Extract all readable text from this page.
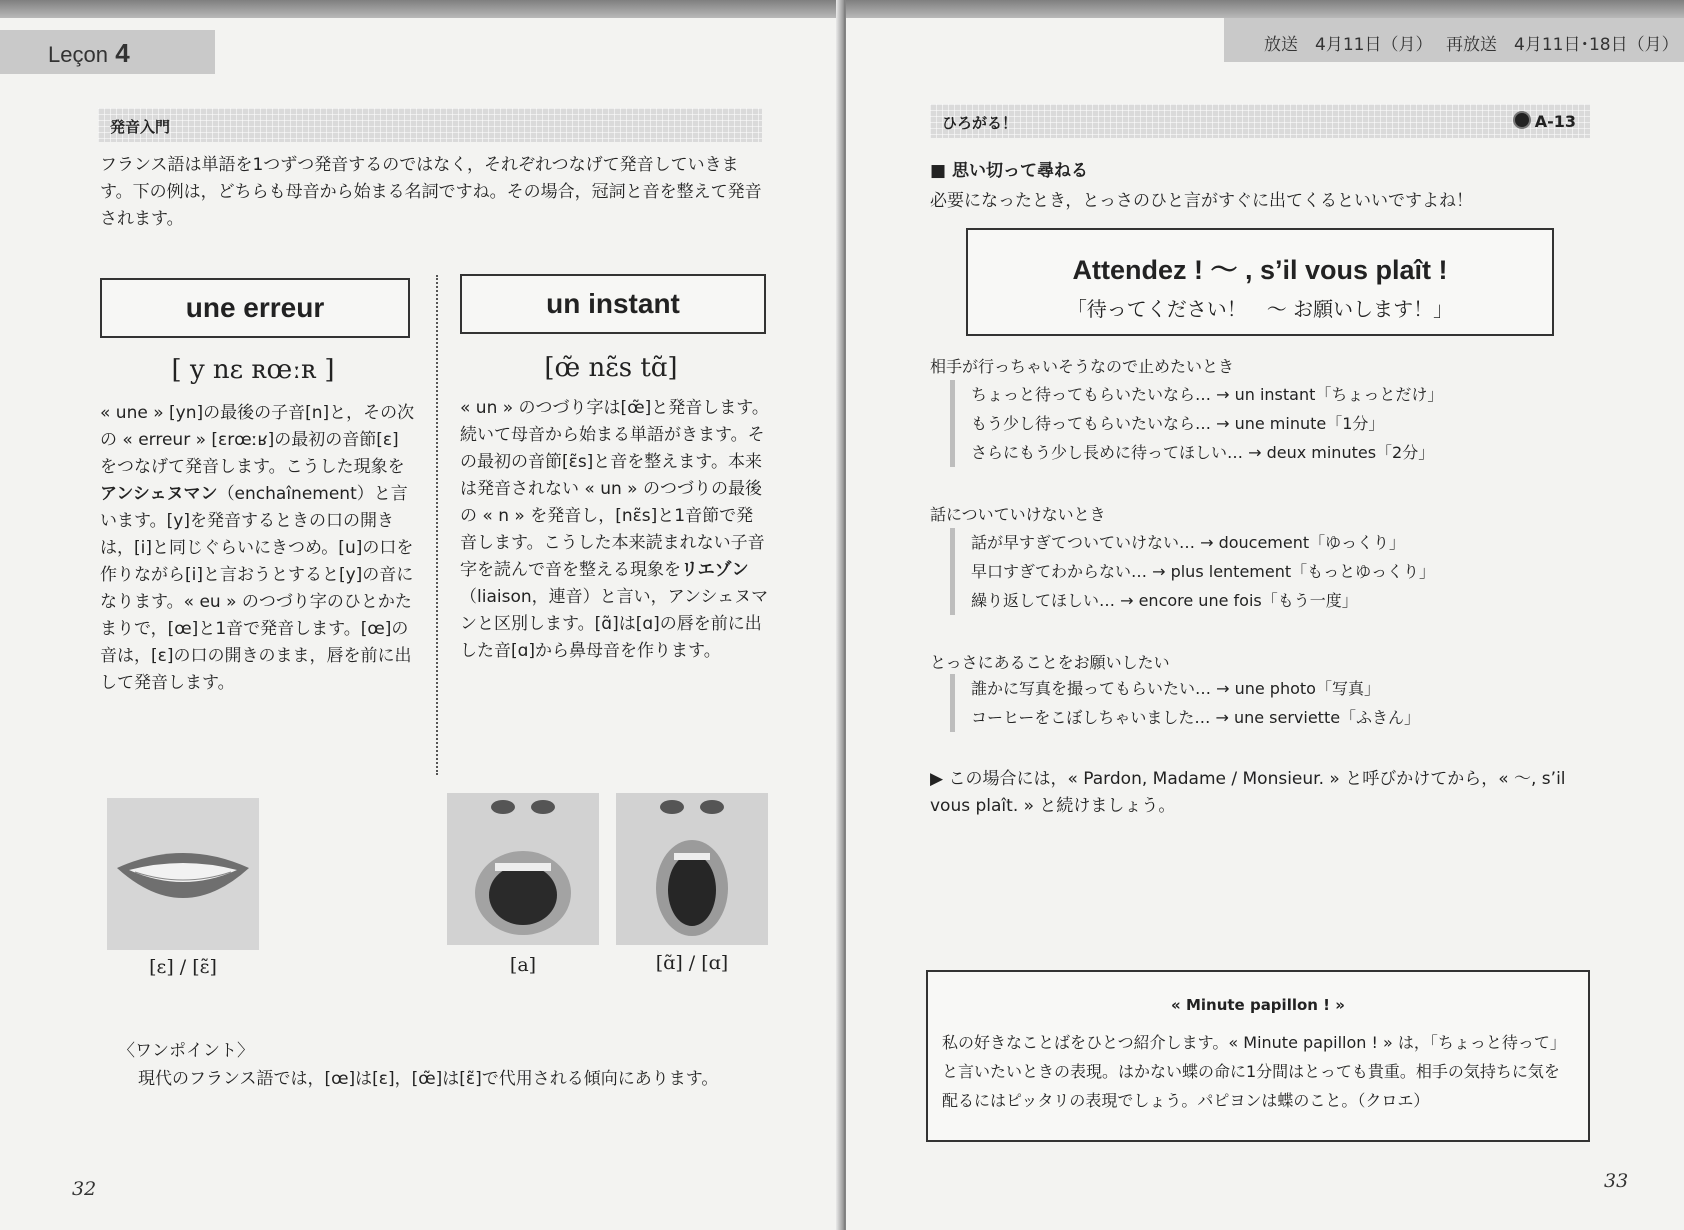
Leçon 4
発音入門

フランス語は単語を1つずつ発音するのではなく，それぞれつなげて発音していきます。下の例は，どちらも母音から始まる名詞ですね。その場合，冠詞と音を整えて発音されます。

une erreur
[ y nɛ ʀœːʀ ]

« une » [yn]の最後の子音[n]と，その次の « erreur » [ɛrœːʁ]の最初の音節[ɛ]をつなげて発音します。こうした現象をアンシェヌマン（enchaînement）と言います。[y]を発音するときの口の開きは，[i]と同じぐらいにきつめ。[u]の口を作りながら[i]と言おうとすると[y]の音になります。« eu » のつづり字のひとかたまりで，[œ]と1音で発音します。[œ]の音は，[ɛ]の口の開きのまま，唇を前に出して発音します。

un instant
[œ̃ nɛ̃s tɑ̃]

« un » のつづり字は[œ̃]と発音します。続いて母音から始まる単語がきます。その最初の音節[ɛ̃s]と音を整えます。本来は発音されない « un » のつづりの最後の « n » を発音し，[nɛ̃s]と1音節で発音します。こうした本来読まれない子音字を読んで音を整える現象をリエゾン（liaison，連音）と言い，アンシェヌマンと区別します。[ɑ̃]は[ɑ]の唇を前に出した音[ɑ]から鼻母音を作ります。

[ɛ] / [ɛ̃]	[a]	[ɑ̃] / [ɑ]
〈ワンポイント〉
現代のフランス語では，[œ]は[ɛ]，[œ̃]は[ɛ̃]で代用される傾向にあります。
32
放送　4月11日（月） 再放送　4月11日･18日（月）
ひろがる！	A-13
■ 思い切って尋ねる
必要になったとき，とっさのひと言がすぐに出てくるといいですよね！
Attendez ! 〜 , s’il vous plaît !
「待ってください！　〜 お願いします！」
相手が行っちゃいそうなので止めたいとき
ちょっと待ってもらいたいなら… → un instant「ちょっとだけ」
もう少し待ってもらいたいなら… → une minute「1分」
さらにもう少し長めに待ってほしい… → deux minutes「2分」
話についていけないとき
話が早すぎてついていけない… → doucement「ゆっくり」
早口すぎてわからない… → plus lentement「もっとゆっくり」
繰り返してほしい… → encore une fois「もう一度」
とっさにあることをお願いしたい
誰かに写真を撮ってもらいたい… → une photo「写真」
コーヒーをこぼしちゃいました… → une serviette「ふきん」

▶ この場合には，« Pardon, Madame / Monsieur. » と呼びかけてから，« 〜, s’il vous plaît. » と続けましょう。

« Minute papillon ! »

私の好きなことばをひとつ紹介します。« Minute papillon ! » は，「ちょっと待って」と言いたいときの表現。はかない蝶の命に1分間はとっても貴重。相手の気持ちに気を配るにはピッタリの表現でしょう。パピヨンは蝶のこと。（クロエ）

33
